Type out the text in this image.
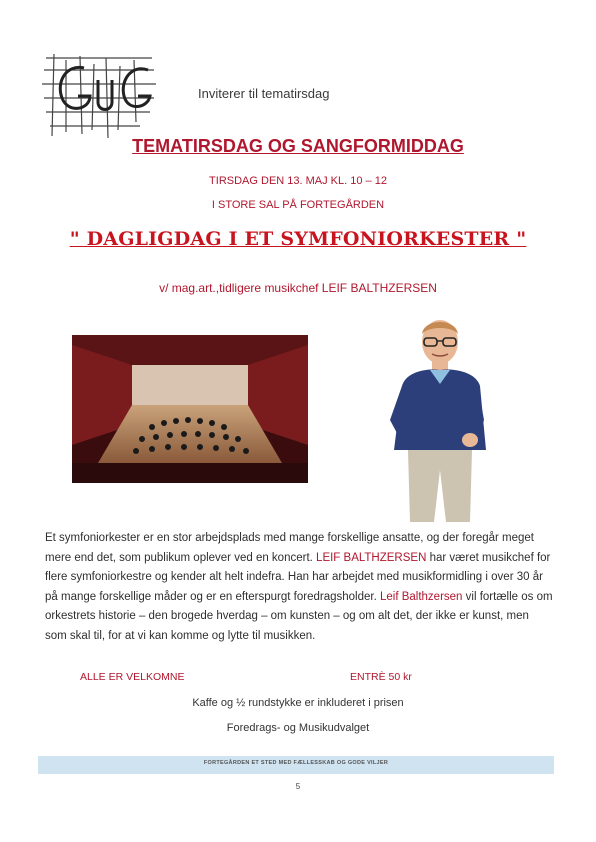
Inviterer til tematirsdag
TEMATIRSDAG OG SANGFORMIDDAG
TIRSDAG DEN 13. MAJ KL. 10 – 12
I STORE SAL PÅ FORTEGÅRDEN
" DAGLIGDAG I ET SYMFONIORKESTER "
v/ mag.art.,tidligere musikchef LEIF BALTHZERSEN

Et symfoniorkester er en stor arbejdsplads med mange forskellige ansatte, og der foregår meget mere end det, som publikum oplever ved en koncert. LEIF BALTHZERSEN har været musikchef for flere symfoniorkestre og kender alt helt indefra. Han har arbejdet med musikformidling i over 30 år på mange forskellige måder og er en efterspurgt foredragsholder. Leif Balthzersen vil fortælle os om orkestrets historie – den brogede hverdag – om kunsten – og om alt det, der ikke er kunst, men som skal til, for at vi kan komme og lytte til musikken.

ALLE ER VELKOMNE	ENTRÈ 50 kr
Kaffe og ½ rundstykke er inkluderet i prisen
Foredrags- og Musikudvalget
FORTEGÅRDEN ET STED MED FÆLLESSKAB OG GODE VILJER
5
